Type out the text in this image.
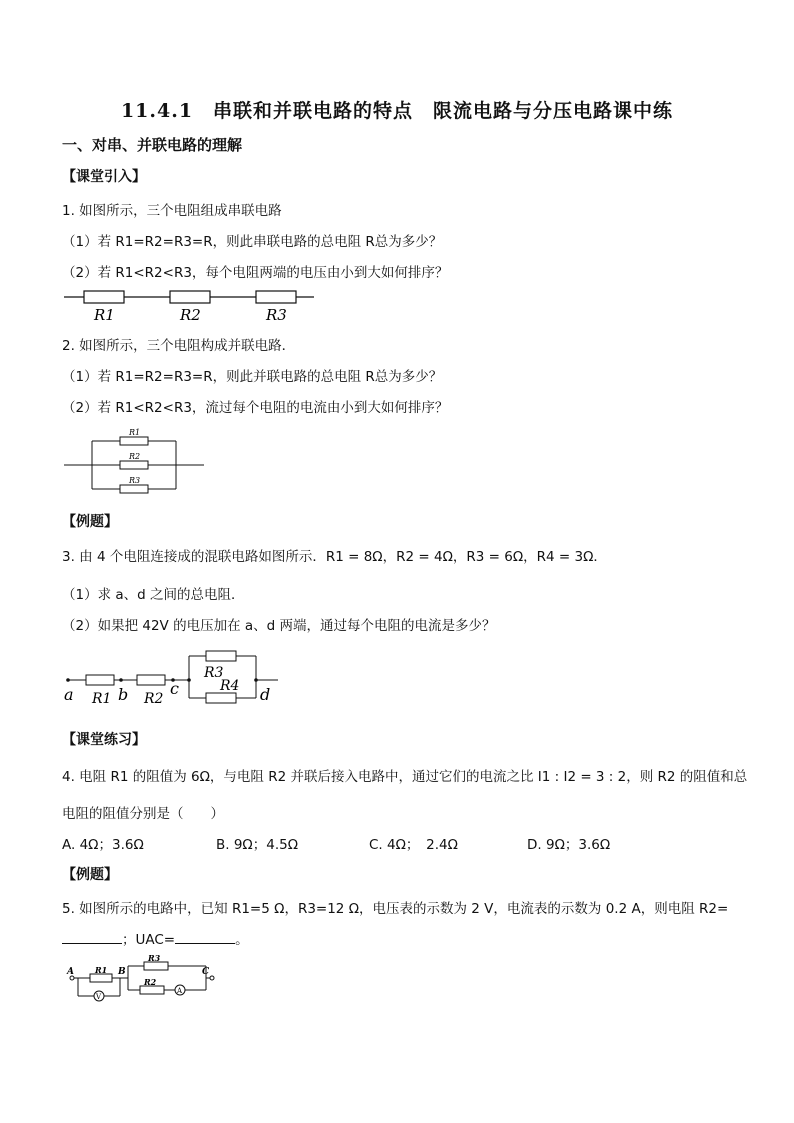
11.4.1　串联和并联电路的特点　限流电路与分压电路课中练
一、对串、并联电路的理解
【课堂引入】
1. 如图所示，三个电阻组成串联电路
（1）若 R1=R2=R3=R，则此串联电路的总电阻 R总为多少？
（2）若 R1<R2<R3，每个电阻两端的电压由小到大如何排序？
R1	R2	R3
2. 如图所示，三个电阻构成并联电路．
（1）若 R1=R2=R3=R，则此并联电路的总电阻 R总为多少？
（2）若 R1<R2<R3，流过每个电阻的电流由小到大如何排序？
R1
R2
R3
【例题】
3. 由 4 个电阻连接成的混联电路如图所示．R1 = 8Ω，R2 = 4Ω，R3 = 6Ω，R4 = 3Ω．
（1）求 a、d 之间的总电阻．
（2）如果把 42V 的电压加在 a、d 两端，通过每个电阻的电流是多少？
a	b	c	d
R1 R2
R3
R4
【课堂练习】
4. 电阻 R1 的阻值为 6Ω，与电阻 R2 并联后接入电路中，通过它们的电流之比 I1 : I2 = 3 : 2，则 R2 的阻值和总
电阻的阻值分别是（　　）
A. 4Ω；3.6Ω	B. 9Ω；4.5Ω	C. 4Ω；　2.4Ω	D. 9Ω；3.6Ω
【例题】
5. 如图所示的电路中，已知 R1=5 Ω，R3=12 Ω，电压表的示数为 2 V，电流表的示数为 0.2 A，则电阻 R2=
；UAC=	。
V
A
A	B	C
R1
R3
R2
